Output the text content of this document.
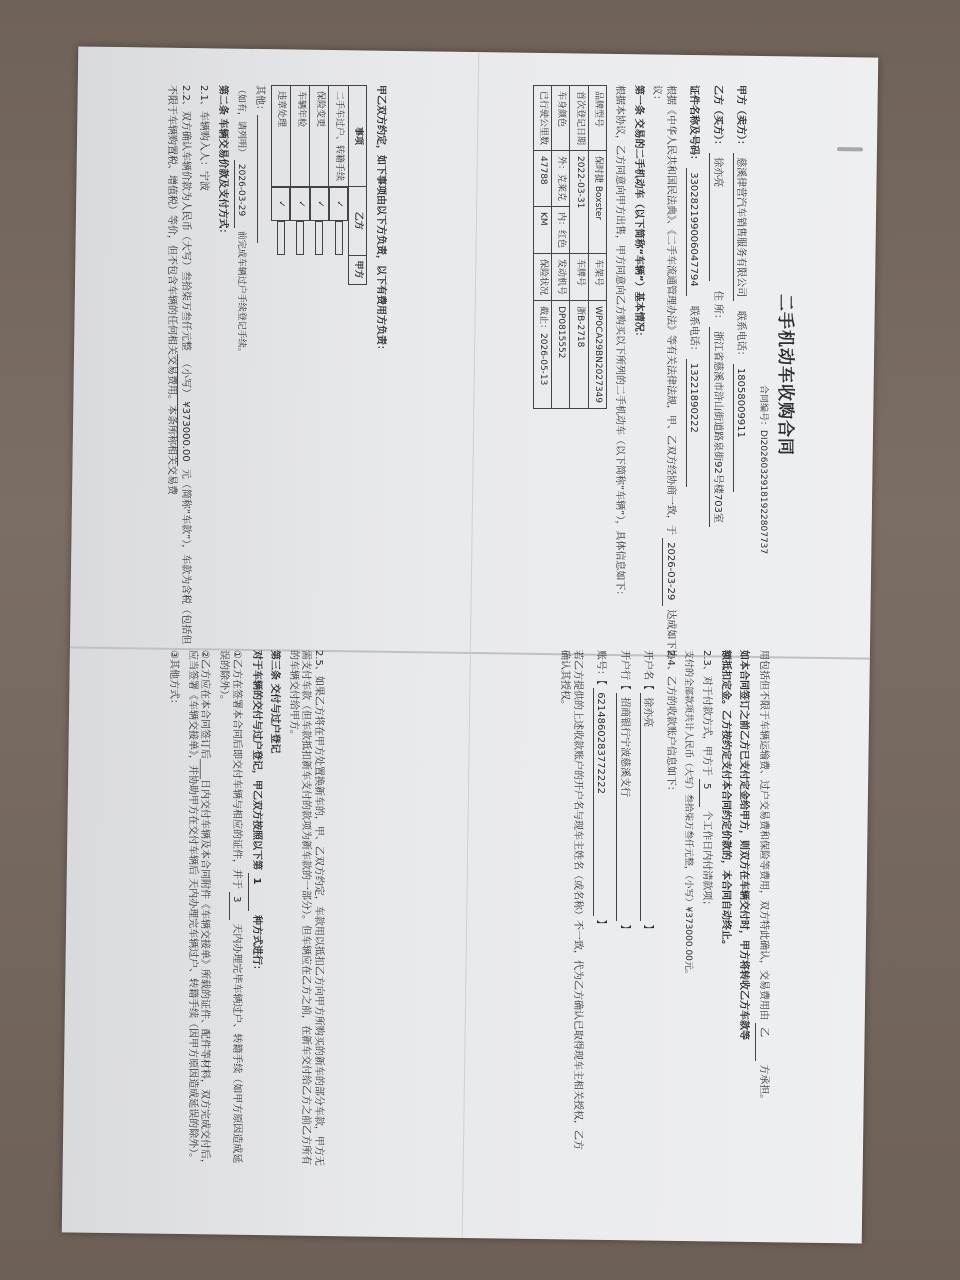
二手机动车收购合同
合同编号：DI20260329181922807737
甲方（卖方）： 慈溪律营汽车销售服务有限公司   联系电话： 18058009911
乙方（买方）： 徐亦亮   住 所： 浙江省慈溪市浒山街道路泉街92号楼703室
证件名称及号码： 330282199006047794   联系电话： 13221890222
根据《中华人民共和国民法典》、《二手车流通管理办法》等有关法律法规，甲、乙双方经协商一致，于 2026-03-29 达成如下协议：
第一条 交易的二手机动车（以下简称“车辆”）基本情况：
根据本协议，乙方同意向甲方出售，甲方同意向乙方购买以下所列的二手机动车（以下简称“车辆”），具体信息如下：
品牌型号	保时捷 Boxster		车架号	WP0CA29BN2027349
首次登记日期	2022-03-31		车牌号	浙B-2718
车身颜色	外：克莱克	内：红色	发动机号	DP0815552
已行驶公里数	47788	KM	保险状况	截止：2026-05-13
甲乙双方约定，如下事项由以下方负责，以下有费用方负责：
事项	乙方	甲方
二手车过户、转籍手续	✓
保险变更	✓
车辆年检	✓
违章处理	✓
其他：
（如有，请列明） 2026-03-29 前完成车辆过户手续登记手续。
第二条 车辆交易价款及支付方式：
2.1、车辆购入人：宁波
2.2、双方确认车辆价款为人民币（大写）叁拾柒万叁仟元整 （小写） ¥373000.00 元（简称“车款”），车款为含税（包括但不限于车辆购置税、增值税）等价，但不包含车辆的任何相关交易费用。本条所称相关交易费
用包括但不限于车辆运输费、过户交易费和保险等费用，双方特此确认，交易费用由 乙 方承担。
如本合同签订之前乙方已支付定金给甲方，则双方在车辆交付时，甲方将转收乙方车款等
额抵扣定金。乙方按约定支付本合同约定价款的，本合同自动终止。
2.3、对于付款方式，甲方于 5 个工作日内付清款项；
支付的全部款项共计人民币（大写）叁拾柒万叁仟元整，（小写）¥373000.00元。
2.4、乙方的收款账户信息如下：
开户名【 徐亦亮 】
开户行【 招商银行宁波慈溪支行 】
账号：【 6214860283772222 】
若乙方提供的上述收款账户的开户名与现车主姓名（或名称）不一致，代为乙方确认已取得现车主相关授权，乙方确认其授权。
2.5、如果乙方将在甲方处置换新车的，甲、乙双方约定，车款用以抵扣乙方向甲方所购买的新车的部分车款，甲方无需支付车款（但车款抵扣新车支付的款项为新车款的一部分）。但车辆应在乙方之前，在新车交付给乙方之前乙方所有的车辆交付给甲方。
第三条 交付与过户登记
对于车辆的交付与过户登记，甲乙双方按照以下第 1 种方式进行：
①乙方在签署本合同后即交付车辆与相应的证件，并于 3 天内办理完毕车辆过户、转籍手续（如甲方原因造成延误的除外）。
②乙方应在本合同签订后____日内交付车辆及本合同附件《车辆交接单》所载的证件、配件等材料，双方完成交付后，应当签署《车辆交接单》，并协助甲方在交付车辆后 天内办理完车辆过户、转籍手续（因甲方原因造成延误的除外）。
③其他方式：
